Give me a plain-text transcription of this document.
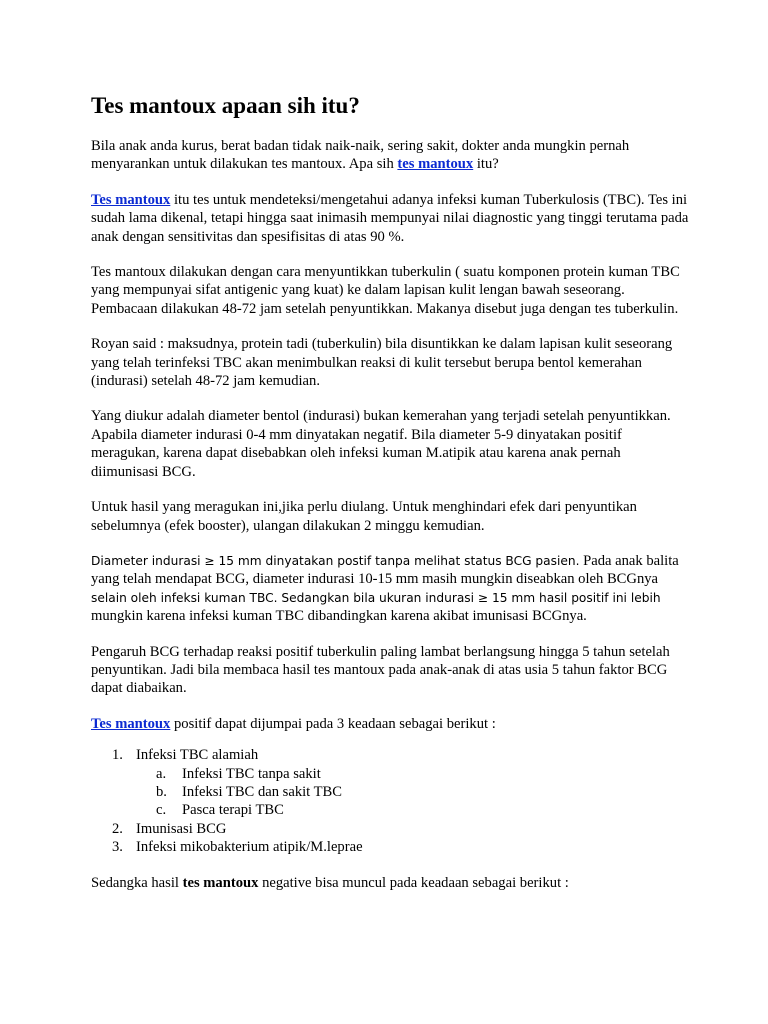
Tes mantoux apaan sih itu?

Bila anak anda kurus, berat badan tidak naik-naik, sering sakit, dokter anda mungkin pernah menyarankan untuk dilakukan tes mantoux. Apa sih tes mantoux itu?

Tes mantoux itu tes untuk mendeteksi/mengetahui adanya infeksi kuman Tuberkulosis (TBC). Tes ini sudah lama dikenal, tetapi hingga saat inimasih mempunyai nilai diagnostic yang tinggi terutama pada anak dengan sensitivitas dan spesifisitas di atas 90 %.

Tes mantoux dilakukan dengan cara menyuntikkan tuberkulin ( suatu komponen protein kuman TBC yang mempunyai sifat antigenic yang kuat) ke dalam lapisan kulit lengan bawah seseorang. Pembacaan dilakukan 48-72 jam setelah penyuntikkan. Makanya disebut juga dengan tes tuberkulin.

Royan said : maksudnya, protein tadi (tuberkulin) bila disuntikkan ke dalam lapisan kulit seseorang yang telah terinfeksi TBC akan menimbulkan reaksi di kulit tersebut berupa bentol kemerahan (indurasi) setelah 48-72 jam kemudian.

Yang diukur adalah diameter bentol (indurasi) bukan kemerahan yang terjadi setelah penyuntikkan. Apabila diameter indurasi 0-4 mm dinyatakan negatif. Bila diameter 5-9 dinyatakan positif meragukan, karena dapat disebabkan oleh infeksi kuman M.atipik atau karena anak pernah diimunisasi BCG.

Untuk hasil yang meragukan ini,jika perlu diulang. Untuk menghindari efek dari penyuntikan sebelumnya (efek booster), ulangan dilakukan 2 minggu kemudian.

Diameter indurasi ≥ 15 mm dinyatakan postif tanpa melihat status BCG pasien. Pada anak balita yang telah mendapat BCG, diameter indurasi 10-15 mm masih mungkin diseabkan oleh BCGnya selain oleh infeksi kuman TBC. Sedangkan bila ukuran indurasi ≥ 15 mm hasil positif ini lebih mungkin karena infeksi kuman TBC dibandingkan karena akibat imunisasi BCGnya.

Pengaruh BCG terhadap reaksi positif tuberkulin paling lambat berlangsung hingga 5 tahun setelah penyuntikan. Jadi bila membaca hasil tes mantoux pada anak-anak di atas usia 5 tahun faktor BCG dapat diabaikan.

Tes mantoux positif dapat dijumpai pada 3 keadaan sebagai berikut :

1. Infeksi TBC alamiah
a. Infeksi TBC tanpa sakit
b. Infeksi TBC dan sakit TBC
c. Pasca terapi TBC
2. Imunisasi BCG
3. Infeksi mikobakterium atipik/M.leprae

Sedangka hasil tes mantoux negative bisa muncul pada keadaan sebagai berikut :
